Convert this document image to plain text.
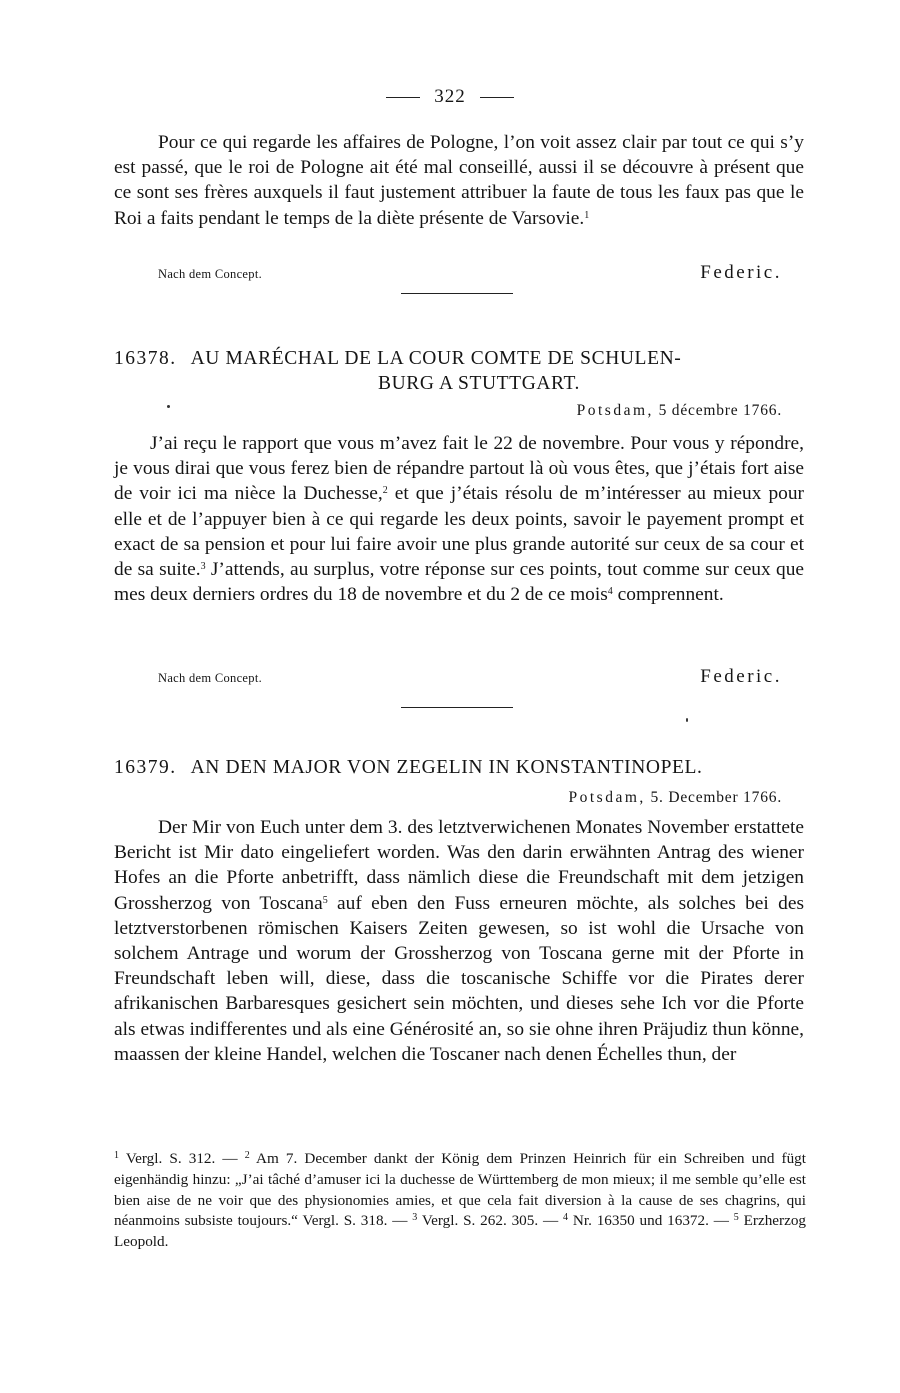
322

Pour ce qui regarde les affaires de Pologne, l’on voit assez clair par tout ce qui s’y est passé, que le roi de Pologne ait été mal conseillé, aussi il se découvre à présent que ce sont ses frères auxquels il faut justement attribuer la faute de tous les faux pas que le Roi a faits pendant le temps de la diète présente de Varsovie.$^1$

Nach dem Concept.	Federic.
16378. AU MARÉCHAL DE LA COUR COMTE DE SCHULEN-
BURG A STUTTGART.
Potsdam, 5 décembre 1766.

J’ai reçu le rapport que vous m’avez fait le 22 de novembre. Pour vous y répondre, je vous dirai que vous ferez bien de répandre partout là où vous êtes, que j’étais fort aise de voir ici ma nièce la Duchesse,$^2$ et que j’étais résolu de m’intéresser au mieux pour elle et de l’appuyer bien à ce qui regarde les deux points, savoir le payement prompt et exact de sa pension et pour lui faire avoir une plus grande autorité sur ceux de sa cour et de sa suite.$^3$ J’attends, au surplus, votre réponse sur ces points, tout comme sur ceux que mes deux derniers ordres du 18 de novembre et du 2 de ce mois$^4$ comprennent.

Nach dem Concept.	Federic.
16379. AN DEN MAJOR VON ZEGELIN IN KONSTANTINOPEL.
Potsdam, 5. December 1766.

Der Mir von Euch unter dem 3. des letztverwichenen Monates November erstattete Bericht ist Mir dato eingeliefert worden. Was den darin erwähnten Antrag des wiener Hofes an die Pforte anbetrifft, dass nämlich diese die Freundschaft mit dem jetzigen Grossherzog von Toscana$^5$ auf eben den Fuss erneuren möchte, als solches bei des letztverstorbenen römischen Kaisers Zeiten gewesen, so ist wohl die Ursache von solchem Antrage und worum der Grossherzog von Toscana gerne mit der Pforte in Freundschaft leben will, diese, dass die toscanische Schiffe vor die Pirates derer afrikanischen Barbaresques gesichert sein möchten, und dieses sehe Ich vor die Pforte als etwas indifferentes und als eine Générosité an, so sie ohne ihren Präjudiz thun könne, maassen der kleine Handel, welchen die Toscaner nach denen Échelles thun, der

$^1$ Vergl. S. 312. — $^2$ Am 7. December dankt der König dem Prinzen Heinrich für ein Schreiben und fügt eigenhändig hinzu: „J’ai tâché d’amuser ici la duchesse de Württemberg de mon mieux; il me semble qu’elle est bien aise de ne voir que des physionomies amies, et que cela fait diversion à la cause de ses chagrins, qui néanmoins subsiste toujours.“ Vergl. S. 318. — $^3$ Vergl. S. 262. 305. — $^4$ Nr. 16350 und 16372. — $^5$ Erzherzog Leopold.
